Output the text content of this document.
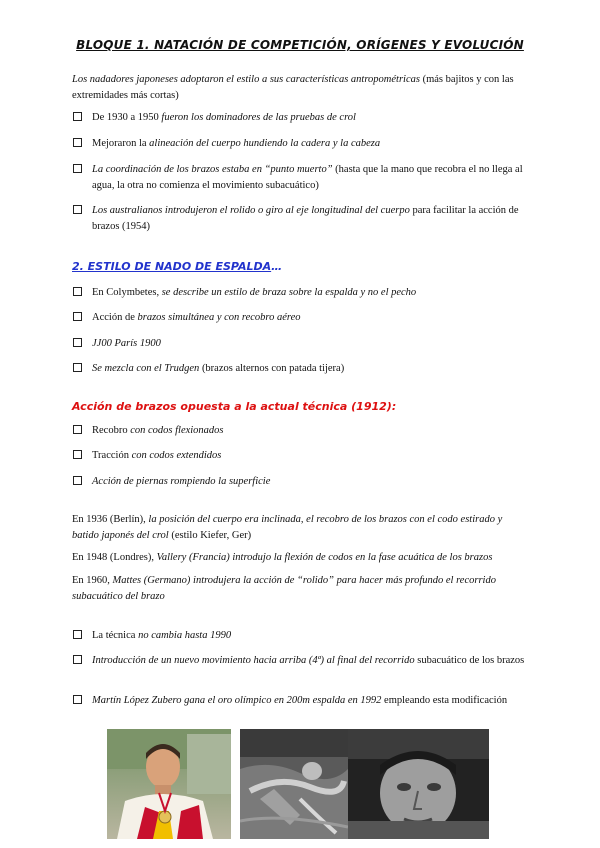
BLOQUE 1. NATACIÓN DE COMPETICIÓN, ORÍGENES Y EVOLUCIÓN
Los nadadores japoneses adoptaron el estilo a sus características antropométricas (más bajitos y con las extremidades más cortas)
De 1930 a 1950 fueron los dominadores de las pruebas de crol
Mejoraron la alineación del cuerpo hundiendo la cadera y la cabeza
La coordinación de los brazos estaba en “punto muerto” (hasta que la mano que recobra el no llega al agua, la otra no comienza el movimiento subacuático)
Los australianos introdujeron el rolido o giro al eje longitudinal del cuerpo para facilitar la acción de brazos (1954)
2. ESTILO DE NADO DE ESPALDA…
En Colymbetes, se describe un estilo de braza sobre la espalda y no el pecho
Acción de brazos simultánea y con recobro aéreo
JJ00 París 1900
Se mezcla con el Trudgen (brazos alternos con patada tijera)
Acción de brazos opuesta a la actual técnica (1912):
Recobro con codos flexionados
Tracción con codos extendidos
Acción de piernas rompiendo la superficie
En 1936 (Berlín), la posición del cuerpo era inclinada, el recobro de los brazos con el codo estirado y batido japonés del crol (estilo Kiefer, Ger)
En 1948 (Londres), Vallery (Francia) introdujo la flexión de codos en la fase acuática de los brazos
En 1960, Mattes (Germano) introdujera la acción de “rolido” para hacer más profundo el recorrido subacuático del brazo
La técnica no cambia hasta 1990
Introducción de un nuevo movimiento hacia arriba (4ª) al final del recorrido subacuático de los brazos
Martín López Zubero gana el oro olímpico en 200m espalda en 1992 empleando esta modificación
